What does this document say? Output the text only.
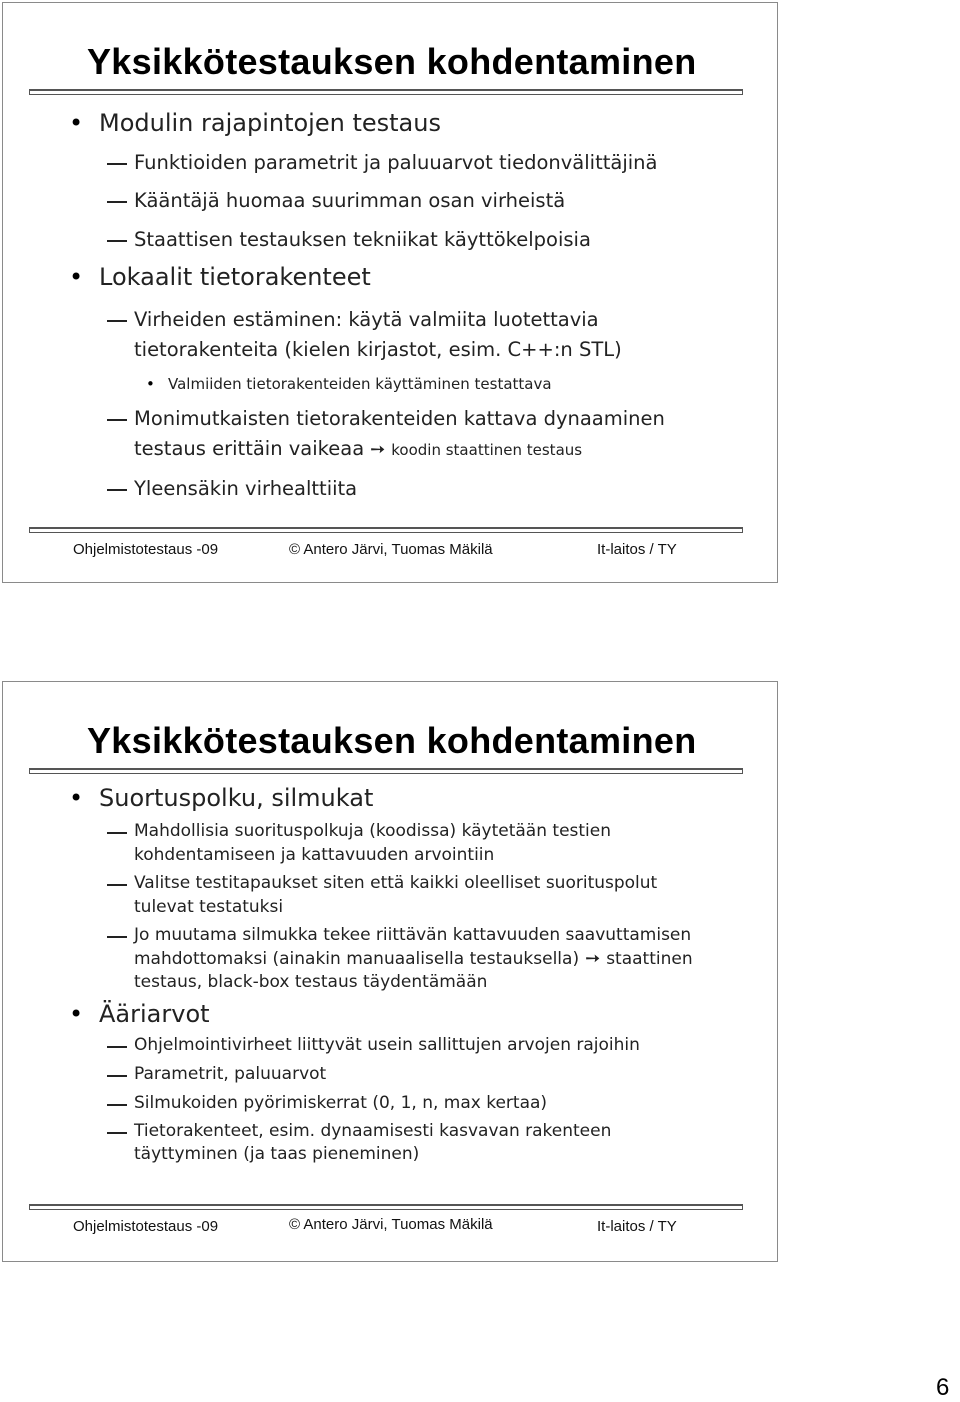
Yksikkötestauksen kohdentaminen
• Modulin rajapintojen testaus
Funktioiden parametrit ja paluuarvot tiedonvälittäjinä
Kääntäjä huomaa suurimman osan virheistä
Staattisen testauksen tekniikat käyttökelpoisia
• Lokaalit tietorakenteet
Virheiden estäminen: käytä valmiita luotettavia
tietorakenteita (kielen kirjastot, esim. C++:n STL)
• Valmiiden tietorakenteiden käyttäminen testattava
Monimutkaisten tietorakenteiden kattava dynaaminen
testaus erittäin vaikeaa ➙ koodin staattinen testaus
Yleensäkin virhealttiita
Ohjelmistotestaus -09	© Antero Järvi, Tuomas Mäkilä	It-laitos / TY
Yksikkötestauksen kohdentaminen
• Suortuspolku, silmukat
Mahdollisia suorituspolkuja (koodissa) käytetään testien
kohdentamiseen ja kattavuuden arvointiin
Valitse testitapaukset siten että kaikki oleelliset suorituspolut
tulevat testatuksi
Jo muutama silmukka tekee riittävän kattavuuden saavuttamisen
mahdottomaksi (ainakin manuaalisella testauksella) ➙ staattinen
testaus, black-box testaus täydentämään
• Ääriarvot
Ohjelmointivirheet liittyvät usein sallittujen arvojen rajoihin
Parametrit, paluuarvot
Silmukoiden pyörimiskerrat (0, 1, n, max kertaa)
Tietorakenteet, esim. dynaamisesti kasvavan rakenteen
täyttyminen (ja taas pieneminen)
Ohjelmistotestaus -09	© Antero Järvi, Tuomas Mäkilä	It-laitos / TY
6
